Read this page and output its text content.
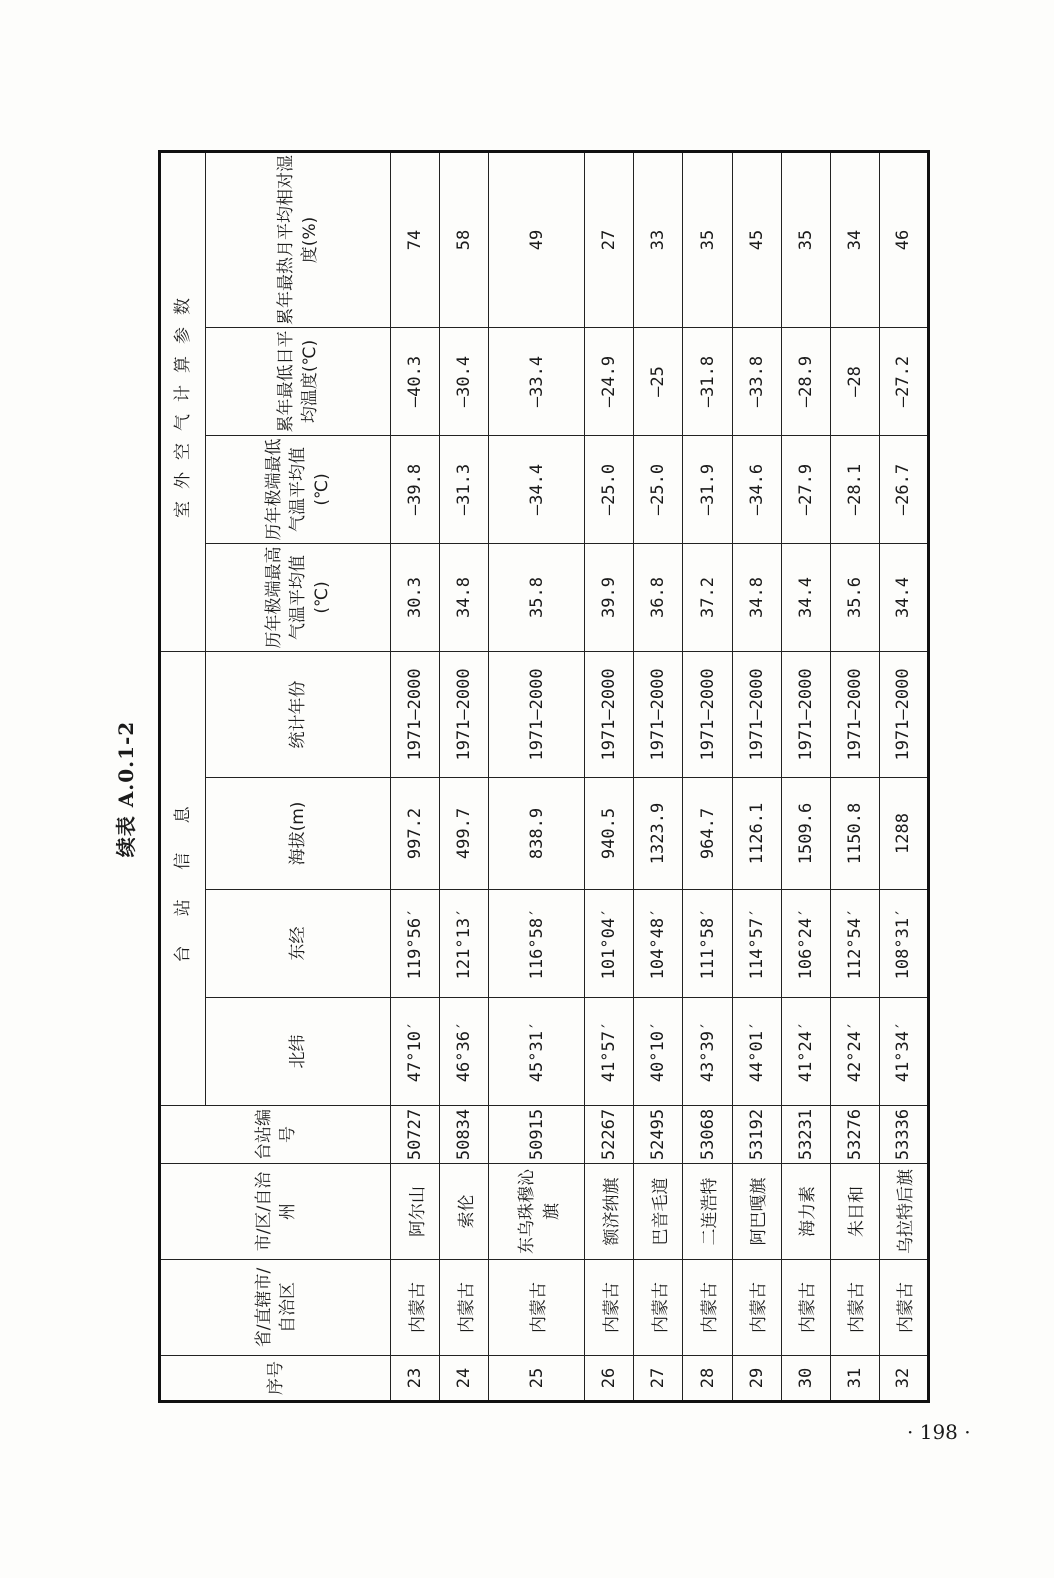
续表 A.0.1-2
序号	省/直辖市/自治区	市/区/自治州	台站编号	台 站 信 息				室外空气计算参数			
				北纬	东经	海拔(m)	统计年份	历年极端最高气温平均值(℃)	历年极端最低气温平均值(℃)	累年最低日平均温度(℃)	累年最热月平均相对湿度(%)
23	内蒙古	阿尔山	50727	47°10′	119°56′	997.2	1971—2000	30.3	—39.8	—40.3	74
24	内蒙古	索伦	50834	46°36′	121°13′	499.7	1971—2000	34.8	—31.3	—30.4	58
25	内蒙古	东乌珠穆沁旗	50915	45°31′	116°58′	838.9	1971—2000	35.8	—34.4	—33.4	49
26	内蒙古	额济纳旗	52267	41°57′	101°04′	940.5	1971—2000	39.9	—25.0	—24.9	27
27	内蒙古	巴音毛道	52495	40°10′	104°48′	1323.9	1971—2000	36.8	—25.0	—25	33
28	内蒙古	二连浩特	53068	43°39′	111°58′	964.7	1971—2000	37.2	—31.9	—31.8	35
29	内蒙古	阿巴嘎旗	53192	44°01′	114°57′	1126.1	1971—2000	34.8	—34.6	—33.8	45
30	内蒙古	海力素	53231	41°24′	106°24′	1509.6	1971—2000	34.4	—27.9	—28.9	35
31	内蒙古	朱日和	53276	42°24′	112°54′	1150.8	1971—2000	35.6	—28.1	—28	34
32	内蒙古	乌拉特后旗	53336	41°34′	108°31′	1288	1971—2000	34.4	—26.7	—27.2	46
· 198 ·
